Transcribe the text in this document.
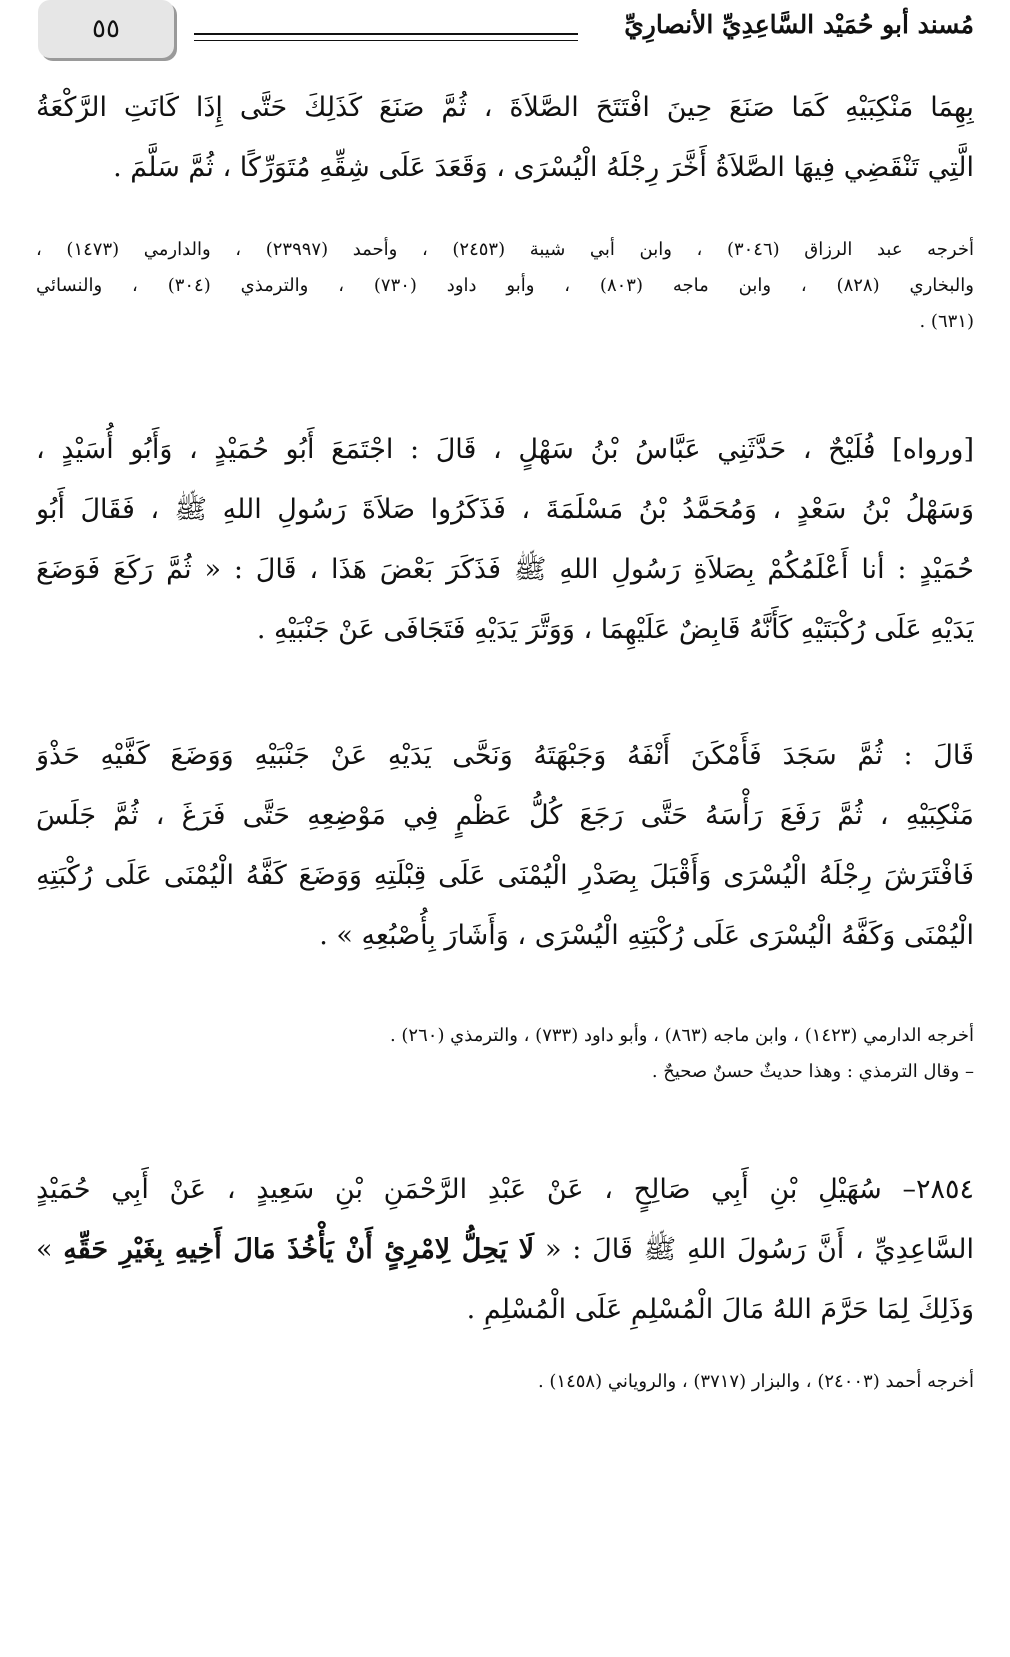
مُسند أبو حُمَيْد السَّاعِدِيِّ الأنصارِيِّ
٥٥
بِهِمَا مَنْكِبَيْهِ كَمَا صَنَعَ حِينَ افْتَتَحَ الصَّلاَةَ ، ثُمَّ صَنَعَ كَذَلِكَ حَتَّى إِذَا كَانَتِ الرَّكْعَةُ
الَّتِي تَنْقَضِي فِيهَا الصَّلاَةُ أَخَّرَ رِجْلَهُ الْيُسْرَى ، وَقَعَدَ عَلَى شِقِّهِ مُتَوَرِّكًا ، ثُمَّ سَلَّمَ .
أخرجه عبد الرزاق (٣٠٤٦) ، وابن أبي شيبة (٢٤٥٣) ، وأحمد (٢٣٩٩٧) ، والدارمي (١٤٧٣) ،
والبخاري (٨٢٨) ، وابن ماجه (٨٠٣) ، وأبو داود (٧٣٠) ، والترمذي (٣٠٤) ، والنسائي
(٦٣١) .
[ورواه] فُلَيْحٌ ، حَدَّثَنِي عَبَّاسُ بْنُ سَهْلٍ ، قَالَ : اجْتَمَعَ أَبُو حُمَيْدٍ ، وَأَبُو أُسَيْدٍ ،
وَسَهْلُ بْنُ سَعْدٍ ، وَمُحَمَّدُ بْنُ مَسْلَمَةَ ، فَذَكَرُوا صَلاَةَ رَسُولِ اللهِ ﷺ ، فَقَالَ أَبُو
حُمَيْدٍ : أنا أَعْلَمُكُمْ بِصَلاَةِ رَسُولِ اللهِ ﷺ فَذَكَرَ بَعْضَ هَذَا ، قَالَ : « ثُمَّ رَكَعَ فَوَضَعَ
يَدَيْهِ عَلَى رُكْبَتَيْهِ كَأَنَّهُ قَابِضٌ عَلَيْهِمَا ، وَوَتَّرَ يَدَيْهِ فَتَجَافَى عَنْ جَنْبَيْهِ .
قَالَ : ثُمَّ سَجَدَ فَأَمْكَنَ أَنْفَهُ وَجَبْهَتَهُ وَنَحَّى يَدَيْهِ عَنْ جَنْبَيْهِ وَوَضَعَ كَفَّيْهِ حَذْوَ
مَنْكِبَيْهِ ، ثُمَّ رَفَعَ رَأْسَهُ حَتَّى رَجَعَ كُلُّ عَظْمٍ فِي مَوْضِعِهِ حَتَّى فَرَغَ ، ثُمَّ جَلَسَ
فَافْتَرَشَ رِجْلَهُ الْيُسْرَى وَأَقْبَلَ بِصَدْرِ الْيُمْنَى عَلَى قِبْلَتِهِ وَوَضَعَ كَفَّهُ الْيُمْنَى عَلَى رُكْبَتِهِ
الْيُمْنَى وَكَفَّهُ الْيُسْرَى عَلَى رُكْبَتِهِ الْيُسْرَى ، وَأَشَارَ بِأُصْبُعِهِ » .
أخرجه الدارمي (١٤٢٣) ، وابن ماجه (٨٦٣) ، وأبو داود (٧٣٣) ، والترمذي (٢٦٠) .
– وقال الترمذي : وهذا حديثٌ حسنٌ صحيحٌ .
٢٨٥٤– سُهَيْلِ بْنِ أَبِي صَالِحٍ ، عَنْ عَبْدِ الرَّحْمَنِ بْنِ سَعِيدٍ ، عَنْ أَبِي حُمَيْدٍ
السَّاعِدِيِّ ، أَنَّ رَسُولَ اللهِ ﷺ قَالَ : « لَا يَحِلُّ لِامْرِئٍ أَنْ يَأْخُذَ مَالَ أَخِيهِ بِغَيْرِ حَقِّهِ »
وَذَلِكَ لِمَا حَرَّمَ اللهُ مَالَ الْمُسْلِمِ عَلَى الْمُسْلِمِ .
أخرجه أحمد (٢٤٠٠٣) ، والبزار (٣٧١٧) ، والروياني (١٤٥٨) .
